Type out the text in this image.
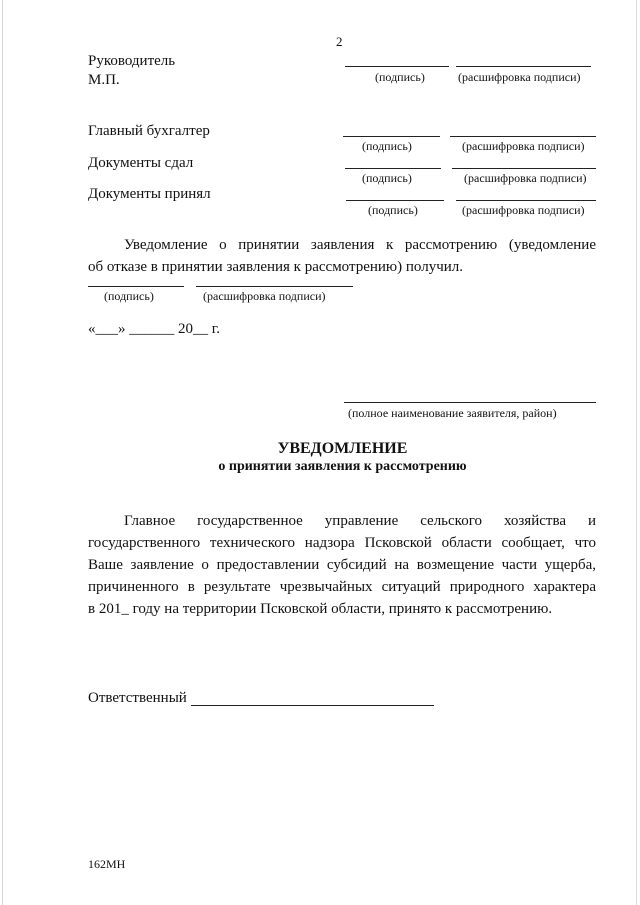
2
Руководитель
М.П.	(подпись)	(расшифровка подписи)
Главный бухгалтер
(подпись)	(расшифровка подписи)
Документы сдал
(подпись)	(расшифровка подписи)
Документы принял
(подпись)	(расшифровка подписи)
Уведомление о принятии заявления к рассмотрению (уведомление
об отказе в принятии заявления к рассмотрению) получил.
(подпись)	(расшифровка подписи)
«___» ______ 20__ г.
(полное наименование заявителя, район)
УВЕДОМЛЕНИЕ
о принятии заявления к рассмотрению
Главное государственное управление сельского хозяйства и
государственного технического надзора Псковской области сообщает, что
Ваше заявление о предоставлении субсидий на возмещение части ущерба,
причиненного в результате чрезвычайных ситуаций природного характера
в 201_ году на территории Псковской области, принято к рассмотрению.
Ответственный
162МН
